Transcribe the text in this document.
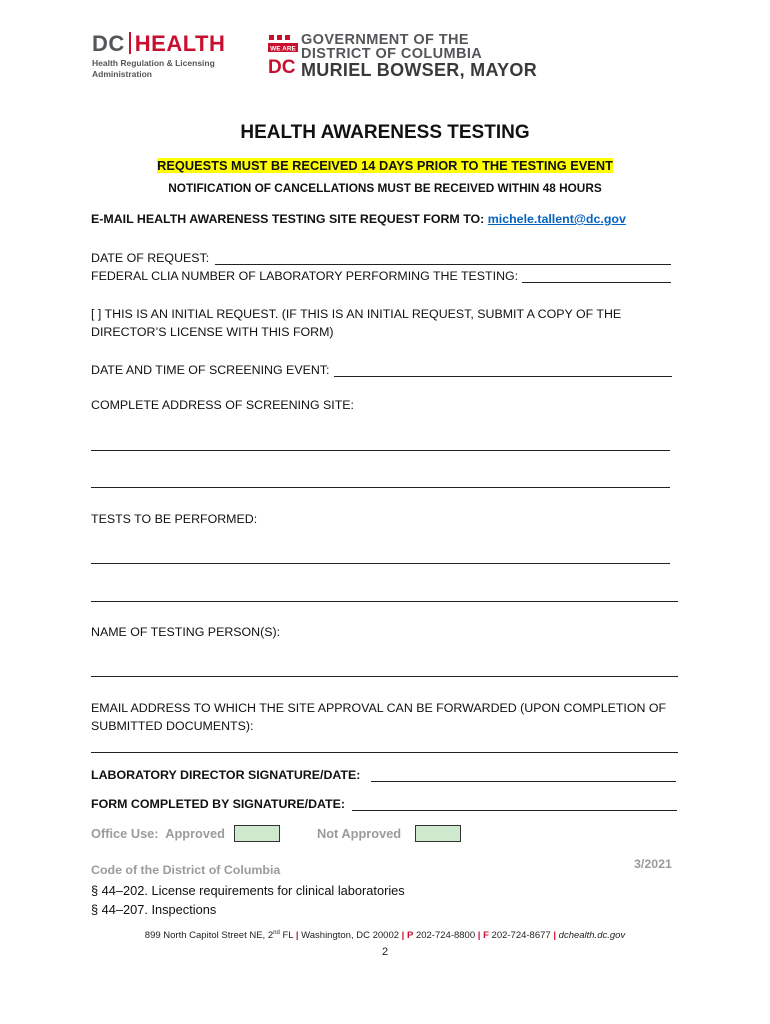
DC HEALTH
Health Regulation & Licensing
Administration
WE ARE
DC
GOVERNMENT OF THE
DISTRICT OF COLUMBIA
MURIEL BOWSER, MAYOR
HEALTH AWARENESS TESTING
REQUESTS MUST BE RECEIVED 14 DAYS PRIOR TO THE TESTING EVENT
NOTIFICATION OF CANCELLATIONS MUST BE RECEIVED WITHIN 48 HOURS
E-MAIL HEALTH AWARENESS TESTING SITE REQUEST FORM TO: michele.tallent@dc.gov
DATE OF REQUEST:
FEDERAL CLIA NUMBER OF LABORATORY PERFORMING THE TESTING:
[ ] THIS IS AN INITIAL REQUEST. (IF THIS IS AN INITIAL REQUEST, SUBMIT A COPY OF THE
DIRECTOR’S LICENSE WITH THIS FORM)
DATE AND TIME OF SCREENING EVENT:
COMPLETE ADDRESS OF SCREENING SITE:
TESTS TO BE PERFORMED:
NAME OF TESTING PERSON(S):
EMAIL ADDRESS TO WHICH THE SITE APPROVAL CAN BE FORWARDED (UPON COMPLETION OF
SUBMITTED DOCUMENTS):
LABORATORY DIRECTOR SIGNATURE/DATE:
FORM COMPLETED BY SIGNATURE/DATE:
Office Use: Approved	Not Approved
Code of the District of Columbia	3/2021
§ 44–202. License requirements for clinical laboratories
§ 44–207. Inspections
899 North Capitol Street NE, 2nd FL | Washington, DC 20002 | P 202-724-8800 | F 202-724-8677 | dchealth.dc.gov
2
